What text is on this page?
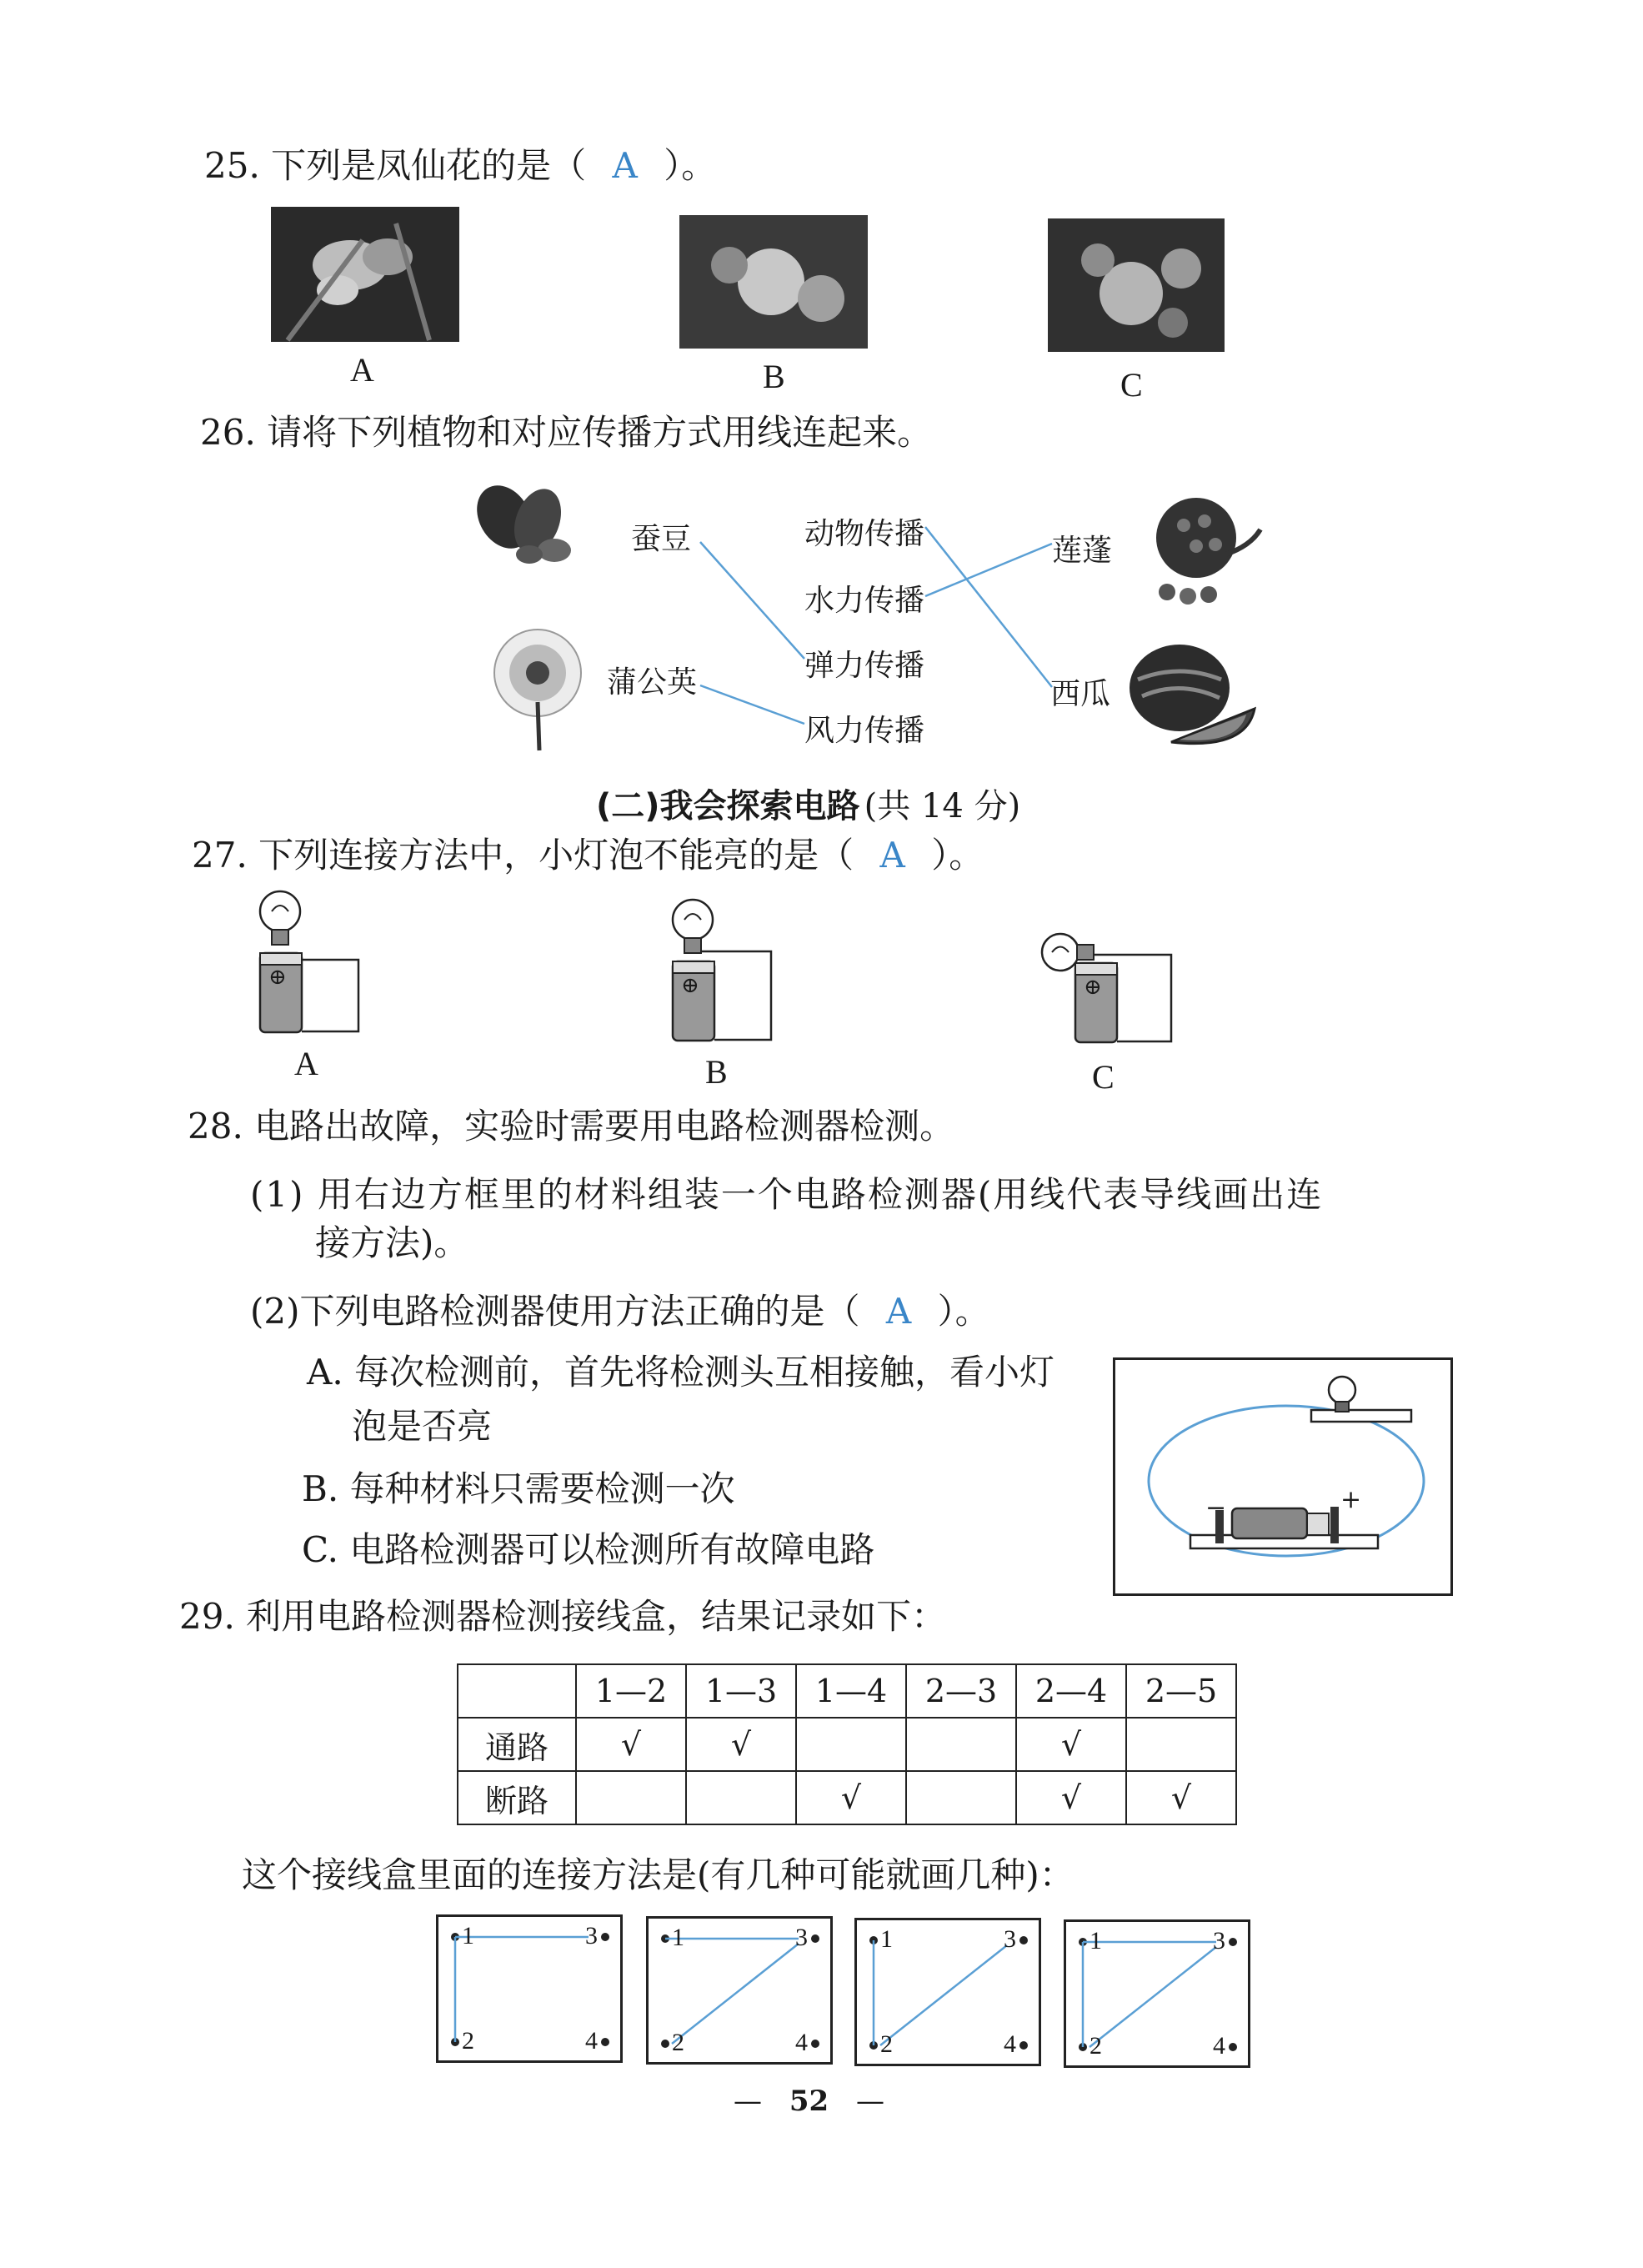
25. 下列是凤仙花的是（ A ）。
A	B	C
26. 请将下列植物和对应传播方式用线连起来。
蚕豆
蒲公英
动物传播
水力传播
弹力传播
风力传播
莲蓬
西瓜
(二)我会探索电路 (共 14 分)
27. 下列连接方法中，小灯泡不能亮的是（ A ）。
⊕	⊕	⊕
A	B	C
28. 电路出故障，实验时需要用电路检测器检测。
(1) 用右边方框里的材料组装一个电路检测器(用线代表导线画出连
接方法)。
(2)下列电路检测器使用方法正确的是（ A ）。
A. 每次检测前，首先将检测头互相接触，看小灯
泡是否亮
B. 每种材料只需要检测一次
C. 电路检测器可以检测所有故障电路
−	+
29. 利用电路检测器检测接线盒，结果记录如下：
	1—2	1—3	1—4	2—3	2—4	2—5
通路	√	√			√	
断路			√		√	√
这个接线盒里面的连接方法是(有几种可能就画几种)：
1	3
2	4
1	3
2	4
1	3
2	4
1	3
2	4
— 52 —
